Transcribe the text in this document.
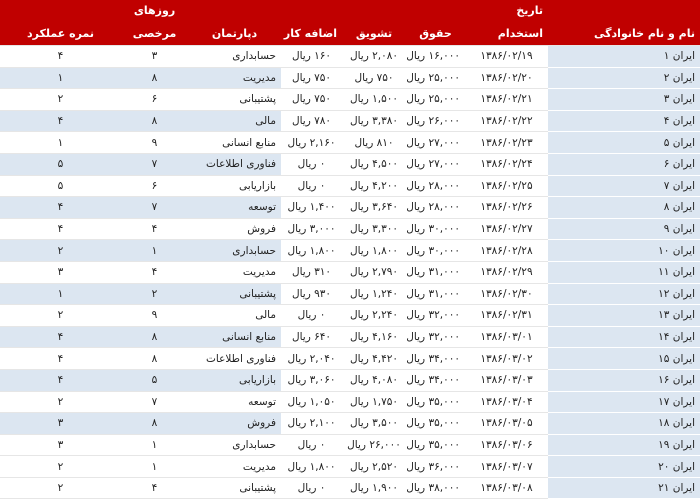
	تاریخ					روزهای	
نام و نام خانوادگی	استخدام	حقوق	تشویق	اضافه کار	دپارتمان	مرخصی	نمره عملکرد
ایران ۱	۱۳۸۶/۰۲/۱۹	۱۶,۰۰۰ ریال	۲,۰۸۰ ریال	۱۶۰ ریال	حسابداری	۳	۴
ایران ۲	۱۳۸۶/۰۲/۲۰	۲۵,۰۰۰ ریال	۷۵۰ ریال	۷۵۰ ریال	مدیریت	۸	۱
ایران ۳	۱۳۸۶/۰۲/۲۱	۲۵,۰۰۰ ریال	۱,۵۰۰ ریال	۷۵۰ ریال	پشتیبانی	۶	۲
ایران ۴	۱۳۸۶/۰۲/۲۲	۲۶,۰۰۰ ریال	۳,۳۸۰ ریال	۷۸۰ ریال	مالی	۸	۴
ایران ۵	۱۳۸۶/۰۲/۲۳	۲۷,۰۰۰ ریال	۸۱۰ ریال	۲,۱۶۰ ریال	منابع انسانی	۹	۱
ایران ۶	۱۳۸۶/۰۲/۲۴	۲۷,۰۰۰ ریال	۴,۵۰۰ ریال	۰ ریال	فناوری اطلاعات	۷	۵
ایران ۷	۱۳۸۶/۰۲/۲۵	۲۸,۰۰۰ ریال	۴,۲۰۰ ریال	۰ ریال	بازاریابی	۶	۵
ایران ۸	۱۳۸۶/۰۲/۲۶	۲۸,۰۰۰ ریال	۳,۶۴۰ ریال	۱,۴۰۰ ریال	توسعه	۷	۴
ایران ۹	۱۳۸۶/۰۲/۲۷	۳۰,۰۰۰ ریال	۳,۳۰۰ ریال	۳,۰۰۰ ریال	فروش	۴	۴
ایران ۱۰	۱۳۸۶/۰۲/۲۸	۳۰,۰۰۰ ریال	۱,۸۰۰ ریال	۱,۸۰۰ ریال	حسابداری	۱	۲
ایران ۱۱	۱۳۸۶/۰۲/۲۹	۳۱,۰۰۰ ریال	۲,۷۹۰ ریال	۳۱۰ ریال	مدیریت	۴	۳
ایران ۱۲	۱۳۸۶/۰۲/۳۰	۳۱,۰۰۰ ریال	۱,۲۴۰ ریال	۹۳۰ ریال	پشتیبانی	۲	۱
ایران ۱۳	۱۳۸۶/۰۲/۳۱	۳۲,۰۰۰ ریال	۲,۲۴۰ ریال	۰ ریال	مالی	۹	۲
ایران ۱۴	۱۳۸۶/۰۳/۰۱	۳۲,۰۰۰ ریال	۴,۱۶۰ ریال	۶۴۰ ریال	منابع انسانی	۸	۴
ایران ۱۵	۱۳۸۶/۰۳/۰۲	۳۴,۰۰۰ ریال	۴,۴۲۰ ریال	۲,۰۴۰ ریال	فناوری اطلاعات	۸	۴
ایران ۱۶	۱۳۸۶/۰۳/۰۳	۳۴,۰۰۰ ریال	۴,۰۸۰ ریال	۳,۰۶۰ ریال	بازاریابی	۵	۴
ایران ۱۷	۱۳۸۶/۰۳/۰۴	۳۵,۰۰۰ ریال	۱,۷۵۰ ریال	۱,۰۵۰ ریال	توسعه	۷	۲
ایران ۱۸	۱۳۸۶/۰۳/۰۵	۳۵,۰۰۰ ریال	۳,۵۰۰ ریال	۲,۱۰۰ ریال	فروش	۸	۳
ایران ۱۹	۱۳۸۶/۰۳/۰۶	۳۵,۰۰۰ ریال	۲۶,۰۰۰ ریال	۰ ریال	حسابداری	۱	۳
ایران ۲۰	۱۳۸۶/۰۳/۰۷	۳۶,۰۰۰ ریال	۲,۵۲۰ ریال	۱,۸۰۰ ریال	مدیریت	۱	۲
ایران ۲۱	۱۳۸۶/۰۳/۰۸	۳۸,۰۰۰ ریال	۱,۹۰۰ ریال	۰ ریال	پشتیبانی	۴	۲
